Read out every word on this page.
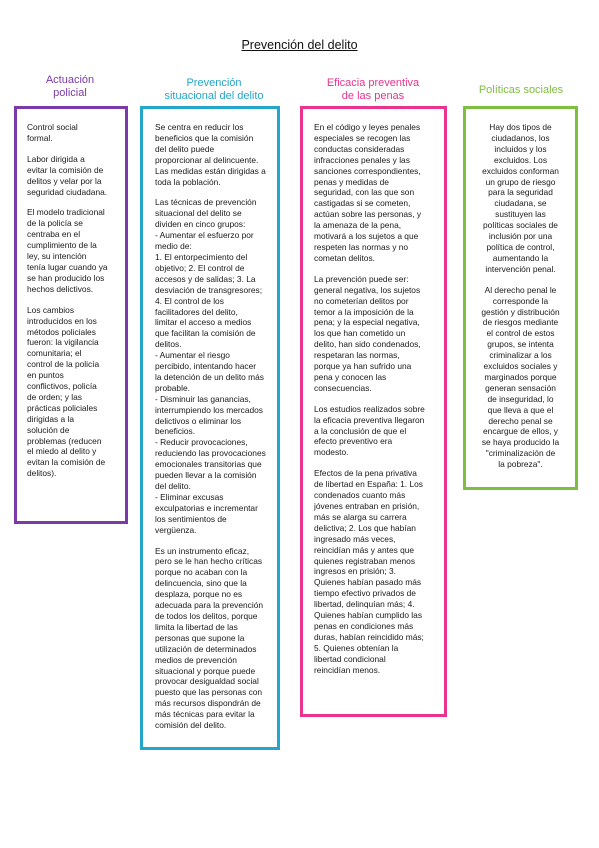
Prevención del delito
Actuación
policial

Control social
formal.

Labor dirigida a
evitar la comisión de
delitos y velar por la
seguridad ciudadana.

El modelo tradicional
de la policía se
centraba en el
cumplimiento de la
ley, su intención
tenía lugar cuando ya
se han producido los
hechos delictivos.

Los cambios
introducidos en los
métodos policiales
fueron: la vigilancia
comunitaria; el
control de la policía
en puntos
conflictivos, policía
de orden; y las
prácticas policiales
dirigidas a la
solución de
problemas (reducen
el miedo al delito y
evitan la comisión de
delitos).

Prevención
situacional del delito

Se centra en reducir los
beneficios que la comisión
del delito puede
proporcionar al delincuente.
Las medidas están dirigidas a
toda la población.

Las técnicas de prevención
situacional del delito se
dividen en cinco grupos:
- Aumentar el esfuerzo por
medio de:
1. El entorpecimiento del
objetivo; 2. El control de
accesos y de salidas; 3. La
desviación de transgresores;
4. El control de los
facilitadores del delito,
limitar el acceso a medios
que facilitan la comisión de
delitos.
- Aumentar el riesgo
percibido, intentando hacer
la detención de un delito más
probable.
- Disminuir las ganancias,
interrumpiendo los mercados
delictivos o eliminar los
beneficios.
- Reducir provocaciones,
reduciendo las provocaciones
emocionales transitorias que
pueden llevar a la comisión
del delito.
- Eliminar excusas
exculpatorias e incrementar
los sentimientos de
vergüenza.

Es un instrumento eficaz,
pero se le han hecho críticas
porque no acaban con la
delincuencia, sino que la
desplaza, porque no es
adecuada para la prevención
de todos los delitos, porque
limita la libertad de las
personas que supone la
utilización de determinados
medios de prevención
situacional y porque puede
provocar desigualdad social
puesto que las personas con
más recursos dispondrán de
más técnicas para evitar la
comisión del delito.

Eficacia preventiva
de las penas

En el código y leyes penales
especiales se recogen las
conductas consideradas
infracciones penales y las
sanciones correspondientes,
penas y medidas de
seguridad, con las que son
castigadas si se cometen,
actúan sobre las personas, y
la amenaza de la pena,
motivará a los sujetos a que
respeten las normas y no
cometan delitos.

La prevención puede ser:
general negativa, los sujetos
no cometerían delitos por
temor a la imposición de la
pena; y la especial negativa,
los que han cometido un
delito, han sido condenados,
respetaran las normas,
porque ya han sufrido una
pena y conocen las
consecuencias.

Los estudios realizados sobre
la eficacia preventiva llegaron
a la conclusión de que el
efecto preventivo era
modesto.

Efectos de la pena privativa
de libertad en España: 1. Los
condenados cuanto más
jóvenes entraban en prisión,
más se alarga su carrera
delictiva; 2. Los que habían
ingresado más veces,
reincidían más y antes que
quienes registraban menos
ingresos en prisión; 3.
Quienes habían pasado más
tiempo efectivo privados de
libertad, delinquían más; 4.
Quienes habían cumplido las
penas en condiciones más
duras, habían reincidido más;
5. Quienes obtenían la
libertad condicional
reincidían menos.

Políticas sociales

Hay dos tipos de
ciudadanos, los
incluidos y los
excluidos. Los
excluidos conforman
un grupo de riesgo
para la seguridad
ciudadana, se
sustituyen las
políticas sociales de
inclusión por una
política de control,
aumentando la
intervención penal.

Al derecho penal le
corresponde la
gestión y distribución
de riesgos mediante
el control de estos
grupos, se intenta
criminalizar a los
excluidos sociales y
marginados porque
generan sensación
de inseguridad, lo
que lleva a que el
derecho penal se
encargue de ellos, y
se haya producido la
"criminalización de
la pobreza".
